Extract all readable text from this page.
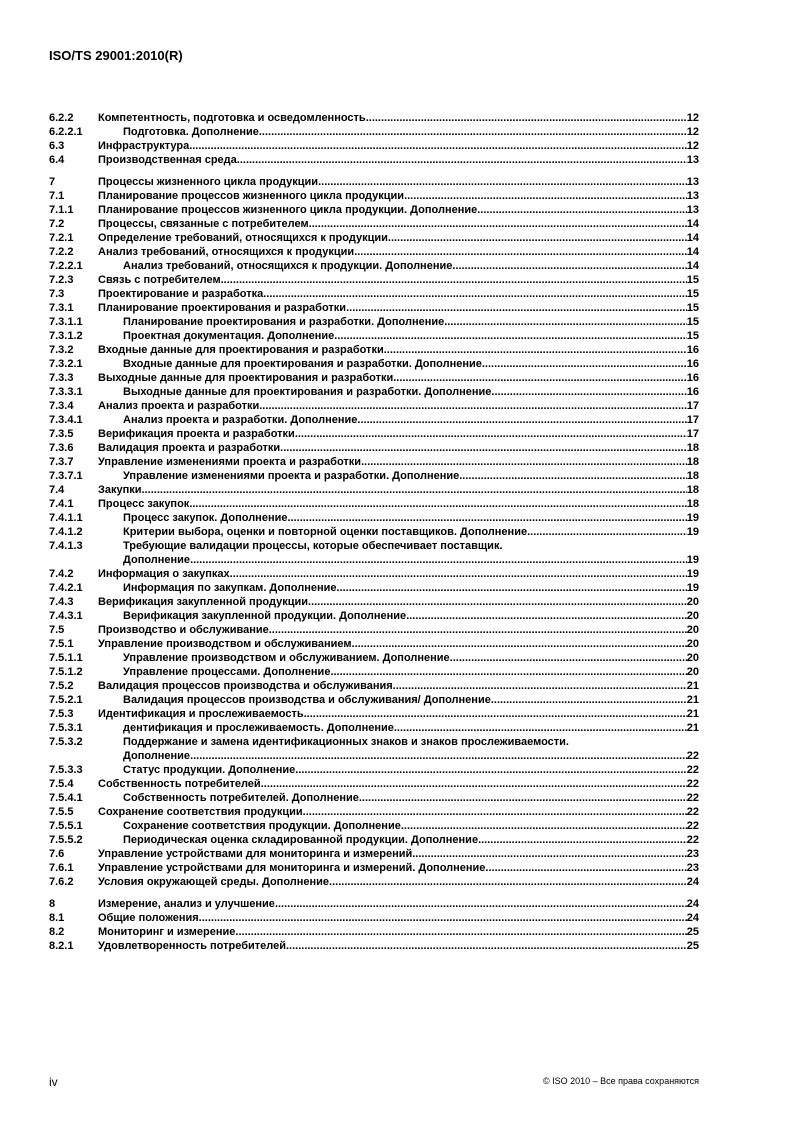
ISO/TS 29001:2010(R)
6.2.2	Компетентность, подготовка и осведомленность .....	12
6.2.2.1	Подготовка. Дополнение .....	12
6.3	Инфраструктура .....	12
6.4	Производственная среда .....	13
7	Процессы жизненного цикла продукции .....	13
7.1	Планирование процессов жизненного цикла продукции .....	13
7.1.1	Планирование процессов жизненного цикла продукции. Дополнение .....	13
7.2	Процессы, связанные с потребителем .....	14
7.2.1	Определение требований, относящихся к продукции .....	14
7.2.2	Анализ требований, относящихся к продукции .....	14
7.2.2.1	Анализ требований, относящихся к продукции. Дополнение .....	14
7.2.3	Связь с потребителем .....	15
7.3	Проектирование и разработка .....	15
7.3.1	Планирование проектирования и разработки .....	15
7.3.1.1	Планирование проектирования и разработки. Дополнение .....	15
7.3.1.2	Проектная документация. Дополнение .....	15
7.3.2	Входные данные для проектирования и разработки .....	16
7.3.2.1	Входные данные для проектирования и разработки. Дополнение .....	16
7.3.3	Выходные данные для проектирования и разработки .....	16
7.3.3.1	Выходные данные для проектирования и разработки. Дополнение .....	16
7.3.4	Анализ проекта и разработки .....	17
7.3.4.1	Анализ проекта и разработки. Дополнение .....	17
7.3.5	Верификация проекта и разработки .....	17
7.3.6	Валидация проекта и разработки .....	18
7.3.7	Управление изменениями проекта и разработки .....	18
7.3.7.1	Управление изменениями проекта и разработки. Дополнение .....	18
7.4	Закупки .....	18
7.4.1	Процесс закупок .....	18
7.4.1.1	Процесс закупок. Дополнение .....	19
7.4.1.2	Критерии выбора, оценки и повторной оценки поставщиков. Дополнение .....	19
7.4.1.3	Требующие валидации процессы, которые обеспечивает поставщик.
Дополнение .....	19
7.4.2	Информация о закупках .....	19
7.4.2.1	Информация по закупкам. Дополнение .....	19
7.4.3	Верификация закупленной продукции .....	20
7.4.3.1	Верификация закупленной продукции. Дополнение .....	20
7.5	Производство и обслуживание .....	20
7.5.1	Управление производством и обслуживанием .....	20
7.5.1.1	Управление производством и обслуживанием. Дополнение .....	20
7.5.1.2	Управление процессами. Дополнение .....	20
7.5.2	Валидация процессов производства и обслуживания .....	21
7.5.2.1	Валидация процессов производства и обслуживания/ Дополнение .....	21
7.5.3	Идентификация и прослеживаемость .....	21
7.5.3.1	дентификация и прослеживаемость. Дополнение .....	21
7.5.3.2	Поддержание и замена идентификационных знаков и знаков прослеживаемости.
Дополнение .....	22
7.5.3.3	Статус продукции. Дополнение .....	22
7.5.4	Собственность потребителей .....	22
7.5.4.1	Собственность потребителей. Дополнение .....	22
7.5.5	Сохранение соответствия продукции .....	22
7.5.5.1	Сохранение соответствия продукции. Дополнение .....	22
7.5.5.2	Периодическая оценка складированной продукции. Дополнение .....	22
7.6	Управление устройствами для мониторинга и измерений .....	23
7.6.1	Управление устройствами для мониторинга и измерений. Дополнение .....	23
7.6.2	Условия окружающей среды. Дополнение .....	24
8	Измерение, анализ и улучшение .....	24
8.1	Общие положения .....	24
8.2	Мониторинг и измерение .....	25
8.2.1	Удовлетворенность потребителей .....	25
iv	© ISO 2010 – Все права сохраняются
